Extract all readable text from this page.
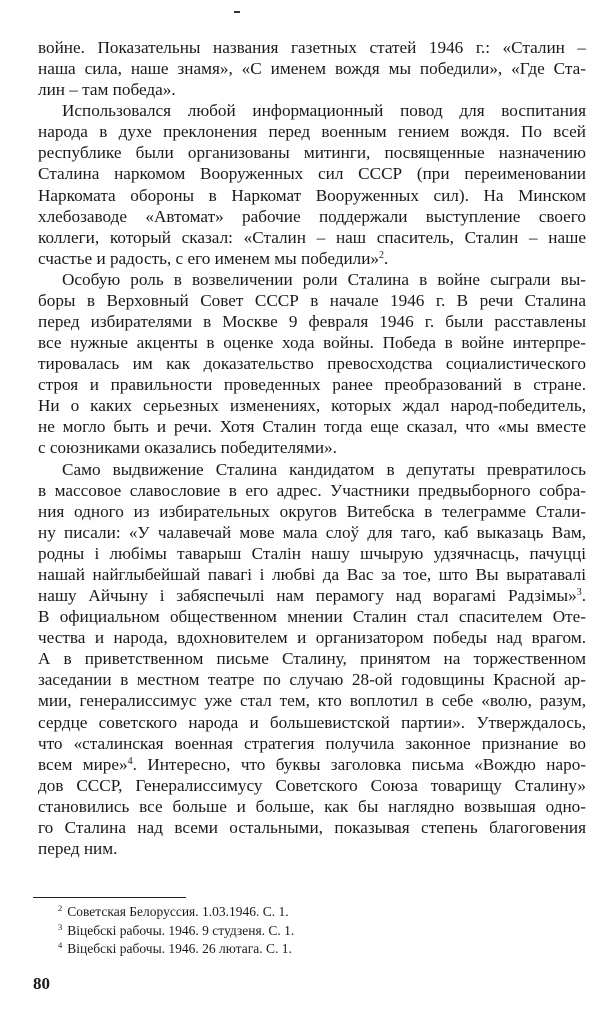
войне. Показательны названия газетных статей 1946 г.: «Сталин –
наша сила, наше знамя», «С именем вождя мы победили», «Где Ста-
лин – там победа».
Использовался любой информационный повод для воспитания
народа в духе преклонения перед военным гением вождя. По всей
республике были организованы митинги, посвященные назначению
Сталина наркомом Вооруженных сил СССР (при переименовании
Наркомата обороны в Наркомат Вооруженных сил). На Минском
хлебозаводе «Автомат» рабочие поддержали выступление своего
коллеги, который сказал: «Сталин – наш спаситель, Сталин – наше
счастье и радость, с его именем мы победили»$^2$.
Особую роль в возвеличении роли Сталина в войне сыграли вы-
боры в Верховный Совет СССР в начале 1946 г. В речи Сталина
перед избирателями в Москве 9 февраля 1946 г. были расставлены
все нужные акценты в оценке хода войны. Победа в войне интерпре-
тировалась им как доказательство превосходства социалистического
строя и правильности проведенных ранее преобразований в стране.
Ни о каких серьезных изменениях, которых ждал народ-победитель,
не могло быть и речи. Хотя Сталин тогда еще сказал, что «мы вместе
с союзниками оказались победителями».
Само выдвижение Сталина кандидатом в депутаты превратилось
в массовое славословие в его адрес. Участники предвыборного собра-
ния одного из избирательных округов Витебска в телеграмме Стали-
ну писали: «У чалавечай мове мала слоў для таго, каб выказаць Вам,
родны і любімы таварыш Сталін нашу шчырую удзячнасць, пачуцці
нашай найглыбейшай павагі і любві да Вас за тое, што Вы выратавалі
нашу Айчыну і забяспечылі нам перамогу над ворагамі Радзімы»$^3$.
В официальном общественном мнении Сталин стал спасителем Оте-
чества и народа, вдохновителем и организатором победы над врагом.
А в приветственном письме Сталину, принятом на торжественном
заседании в местном театре по случаю 28-ой годовщины Красной ар-
мии, генералиссимус уже стал тем, кто воплотил в себе «волю, разум,
сердце советского народа и большевистской партии». Утверждалось,
что «сталинская военная стратегия получила законное признание во
всем мире»$^4$. Интересно, что буквы заголовка письма «Вождю наро-
дов СССР, Генералиссимусу Советского Союза товарищу Сталину»
становились все больше и больше, как бы наглядно возвышая одно-
го Сталина над всеми остальными, показывая степень благоговения
перед ним.
$^2$ Советская Белоруссия. 1.03.1946. С. 1.
$^3$ Віцебскі рабочы. 1946. 9 студзеня. С. 1.
$^4$ Віцебскі рабочы. 1946. 26 лютага. С. 1.
80
